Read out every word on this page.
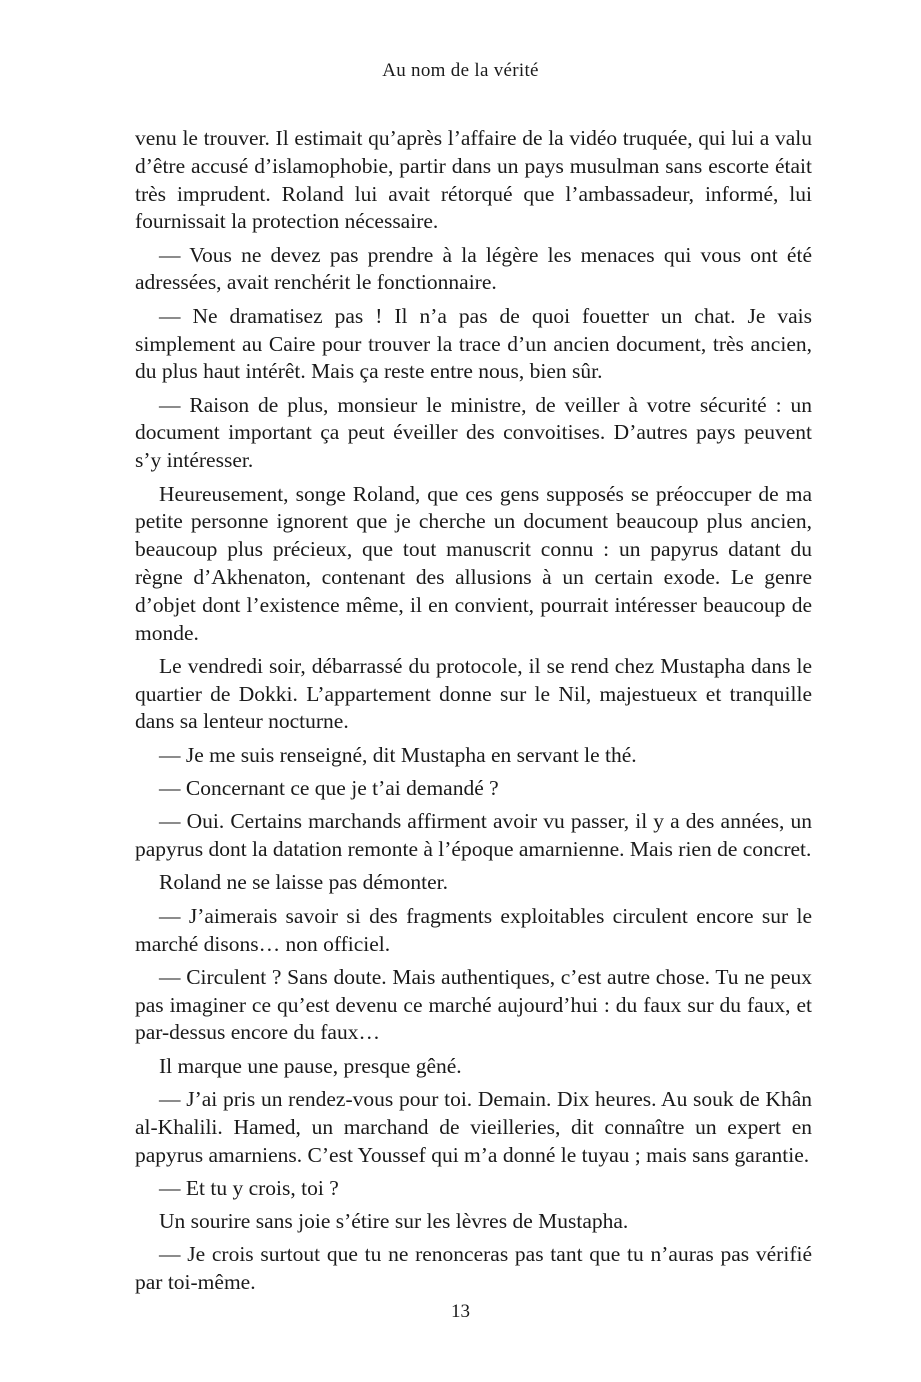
Au nom de la vérité

venu le trouver. Il estimait qu’après l’affaire de la vidéo truquée, qui lui a valu d’être accusé d’islamophobie, partir dans un pays musulman sans escorte était très imprudent. Roland lui avait rétorqué que l’ambassadeur, informé, lui fournissait la protection nécessaire.

— Vous ne devez pas prendre à la légère les menaces qui vous ont été adressées, avait renchérit le fonctionnaire.

— Ne dramatisez pas ! Il n’a pas de quoi fouetter un chat. Je vais simplement au Caire pour trouver la trace d’un ancien document, très ancien, du plus haut intérêt. Mais ça reste entre nous, bien sûr.

— Raison de plus, monsieur le ministre, de veiller à votre sécurité : un document important ça peut éveiller des convoitises. D’autres pays peuvent s’y intéresser.

Heureusement, songe Roland, que ces gens supposés se préoccuper de ma petite personne ignorent que je cherche un document beaucoup plus ancien, beaucoup plus précieux, que tout manuscrit connu : un papyrus datant du règne d’Akhenaton, contenant des allusions à un certain exode. Le genre d’objet dont l’existence même, il en convient, pourrait intéresser beaucoup de monde.

Le vendredi soir, débarrassé du protocole, il se rend chez Mustapha dans le quartier de Dokki. L’appartement donne sur le Nil, majestueux et tranquille dans sa lenteur nocturne.

— Je me suis renseigné, dit Mustapha en servant le thé.

— Concernant ce que je t’ai demandé ?

— Oui. Certains marchands affirment avoir vu passer, il y a des années, un papyrus dont la datation remonte à l’époque amarnienne. Mais rien de concret.

Roland ne se laisse pas démonter.

— J’aimerais savoir si des fragments exploitables circulent encore sur le marché disons… non officiel.

— Circulent ? Sans doute. Mais authentiques, c’est autre chose. Tu ne peux pas imaginer ce qu’est devenu ce marché aujourd’hui : du faux sur du faux, et par-dessus encore du faux…

Il marque une pause, presque gêné.

— J’ai pris un rendez-vous pour toi. Demain. Dix heures. Au souk de Khân al-Khalili. Hamed, un marchand de vieilleries, dit connaître un expert en papyrus amarniens. C’est Youssef qui m’a donné le tuyau ; mais sans garantie.

— Et tu y crois, toi ?

Un sourire sans joie s’étire sur les lèvres de Mustapha.

— Je crois surtout que tu ne renonceras pas tant que tu n’auras pas vérifié par toi-même.

13
